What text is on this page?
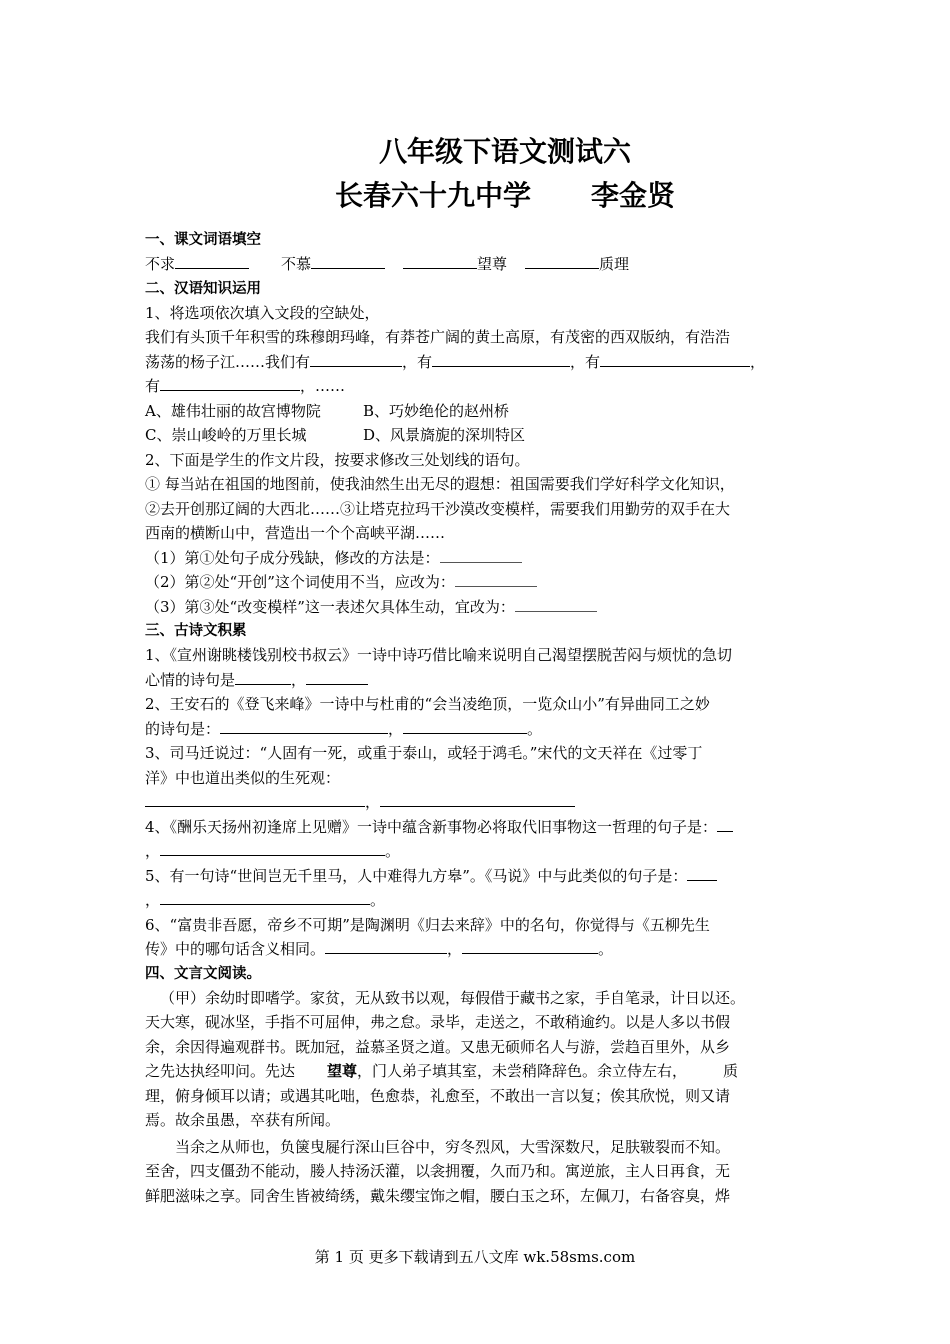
八年级下语文测试六
长春六十九中学 李金贤
一、课文词语填空
不求	不慕	望尊	质理
二、汉语知识运用

1、将选项依次填入文段的空缺处，

我们有头顶千年积雪的珠穆朗玛峰，有莽苍广阔的黄土高原，有茂密的西双版纳，有浩浩

荡荡的杨子江……我们有	，有	，有	，

有	，……

A、雄伟壮丽的故宫博物院	B、巧妙绝伦的赵州桥

C、崇山峻岭的万里长城	D、风景旖旎的深圳特区

2、下面是学生的作文片段，按要求修改三处划线的语句。

① 每当站在祖国的地图前，使我油然生出无尽的遐想：祖国需要我们学好科学文化知识，

②去开创那辽阔的大西北……③让塔克拉玛干沙漠改变模样，需要我们用勤劳的双手在大

西南的横断山中，营造出一个个高峡平湖……

（1）第①处句子成分残缺，修改的方法是：

（2）第②处“开创”这个词使用不当，应改为：

（3）第③处“改变模样”这一表述欠具体生动，宜改为：

三、古诗文积累

1、《宣州谢眺楼饯别校书叔云》一诗中诗巧借比喻来说明自己渴望摆脱苦闷与烦忧的急切

心情的诗句是	，

2、王安石的《登飞来峰》一诗中与杜甫的“会当凌绝顶，一览众山小”有异曲同工之妙

的诗句是：	，	。

3、司马迁说过：“人固有一死，或重于泰山，或轻于鸿毛。”宋代的文天祥在《过零丁

洋》中也道出类似的生死观：

，

4、《酬乐天扬州初逢席上见赠》一诗中蕴含新事物必将取代旧事物这一哲理的句子是：

，	。

5、有一句诗“世间岂无千里马，人中难得九方皋”。《马说》中与此类似的句子是：

，	。

6、“富贵非吾愿，帝乡不可期”是陶渊明《归去来辞》中的名句，你觉得与《五柳先生

传》中的哪句话含义相同。	，	。

四、文言文阅读。

（甲）余幼时即嗜学。家贫，无从致书以观，每假借于藏书之家，手自笔录，计日以还。

天大寒，砚冰坚，手指不可屈伸，弗之怠。录毕，走送之，不敢稍逾约。以是人多以书假

余，余因得遍观群书。既加冠，益慕圣贤之道。又患无硕师名人与游，尝趋百里外，从乡

之先达执经叩问。先达 望尊，门人弟子填其室，未尝稍降辞色。余立侍左右， 质

理，俯身倾耳以请；或遇其叱咄，色愈恭，礼愈至，不敢出一言以复；俟其欣悦，则又请

焉。故余虽愚，卒获有所闻。

当余之从师也，负箧曳屣行深山巨谷中，穷冬烈风，大雪深数尺，足肤皲裂而不知。

至舍，四支僵劲不能动，媵人持汤沃灌，以衾拥覆，久而乃和。寓逆旅，主人日再食，无

鲜肥滋味之享。同舍生皆被绮绣，戴朱缨宝饰之帽，腰白玉之环，左佩刀，右备容臭，烨

第 1 页 更多下载请到五八文库 wk.58sms.com
